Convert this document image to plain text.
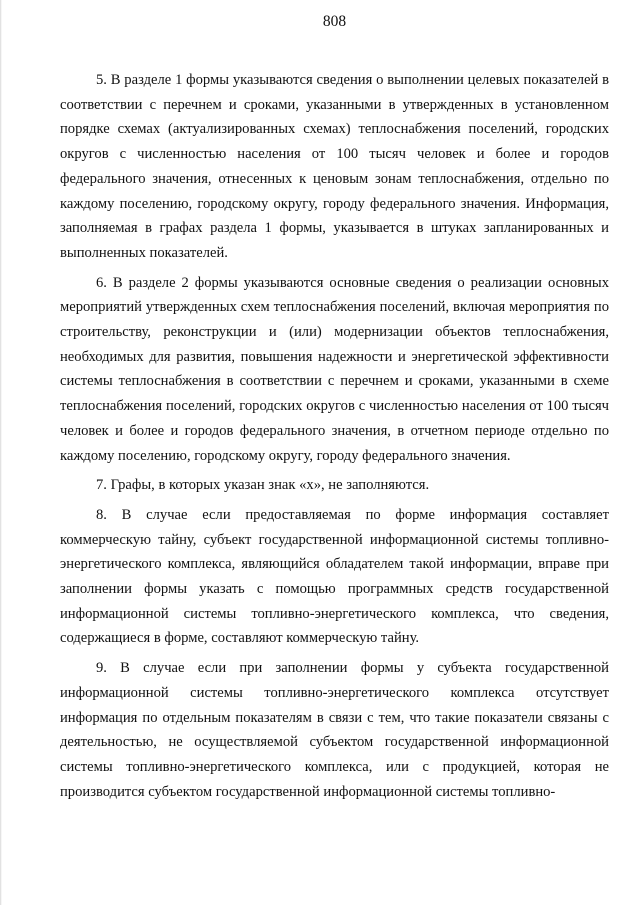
808

5. В разделе 1 формы указываются сведения о выполнении целевых показателей в соответствии с перечнем и сроками, указанными в утвержденных в установленном порядке схемах (актуализированных схемах) теплоснабжения поселений, городских округов с численностью населения от 100 тысяч человек и более и городов федерального значения, отнесенных к ценовым зонам теплоснабжения, отдельно по каждому поселению, городскому округу, городу федерального значения. Информация, заполняемая в графах раздела 1 формы, указывается в штуках запланированных и выполненных показателей.

6. В разделе 2 формы указываются основные сведения о реализации основных мероприятий утвержденных схем теплоснабжения поселений, включая мероприятия по строительству, реконструкции и (или) модернизации объектов теплоснабжения, необходимых для развития, повышения надежности и энергетической эффективности системы теплоснабжения в соответствии с перечнем и сроками, указанными в схеме теплоснабжения поселений, городских округов с численностью населения от 100 тысяч человек и более и городов федерального значения, в отчетном периоде отдельно по каждому поселению, городскому округу, городу федерального значения.

7. Графы, в которых указан знак «х», не заполняются.

8. В случае если предоставляемая по форме информация составляет коммерческую тайну, субъект государственной информационной системы топливно-энергетического комплекса, являющийся обладателем такой информации, вправе при заполнении формы указать с помощью программных средств государственной информационной системы топливно-энергетического комплекса, что сведения, содержащиеся в форме, составляют коммерческую тайну.

9. В случае если при заполнении формы у субъекта государственной информационной системы топливно-энергетического комплекса отсутствует информация по отдельным показателям в связи с тем, что такие показатели связаны с деятельностью, не осуществляемой субъектом государственной информационной системы топливно-энергетического комплекса, или с продукцией, которая не производится субъектом государственной информационной системы топливно-
